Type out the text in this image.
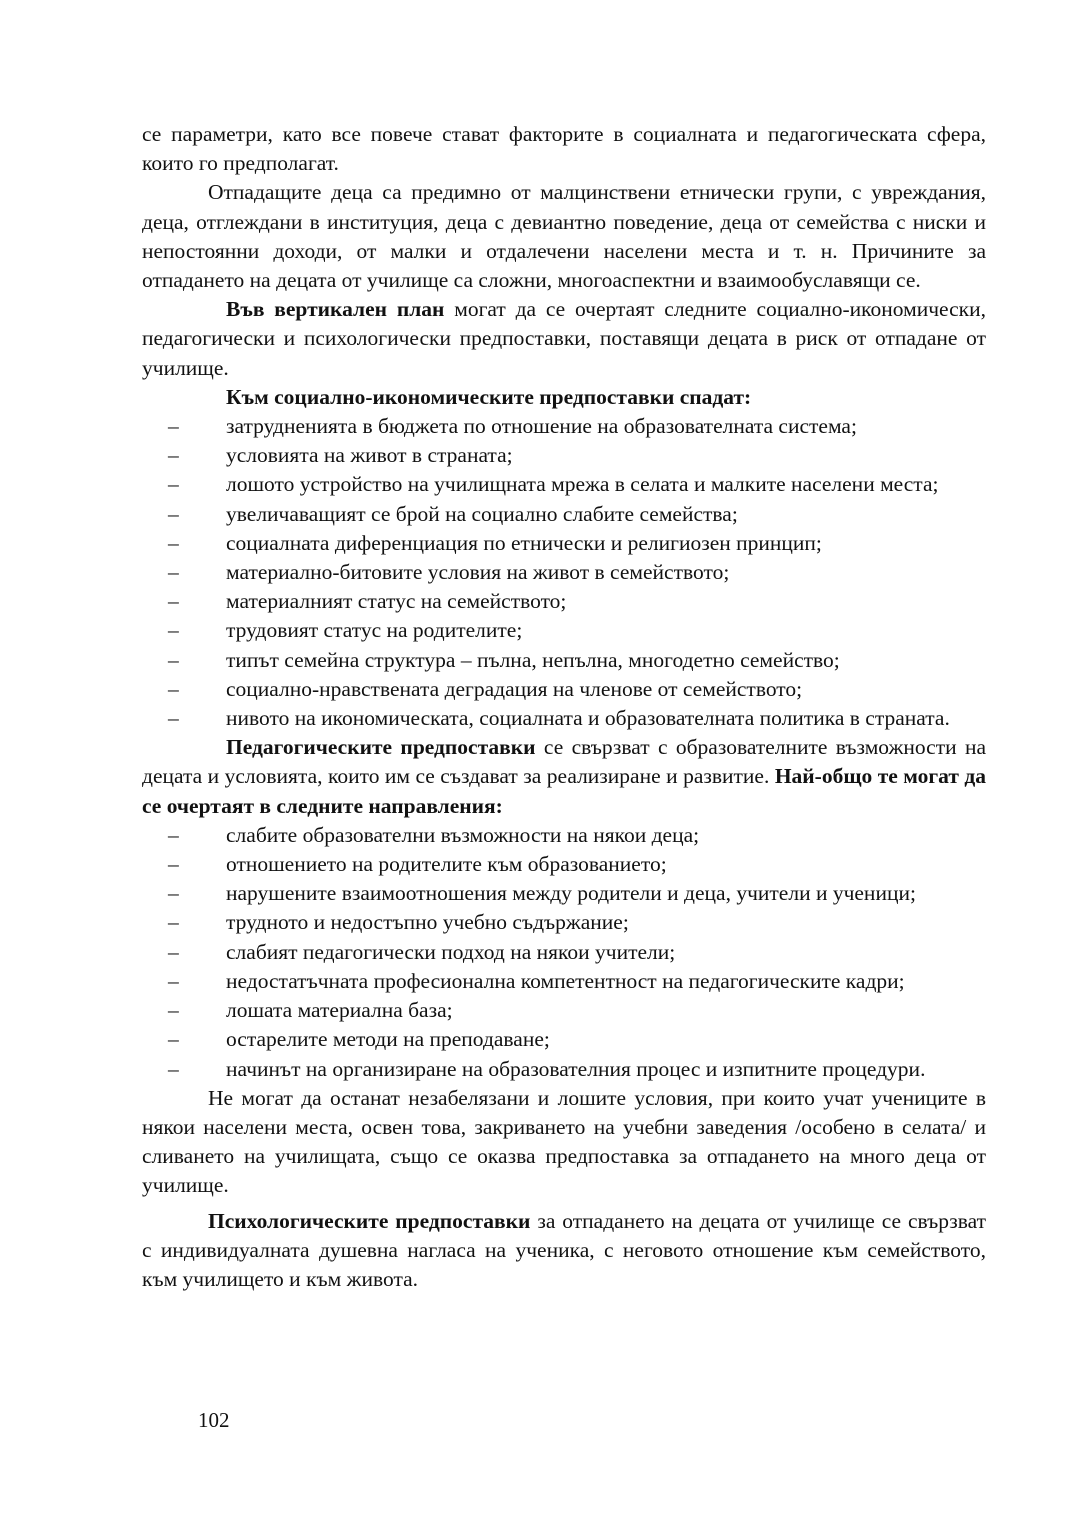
се параметри, като все повече стават факторите в социалната и педагогическата сфера, които го предполагат.

Отпадащите деца са предимно от малцинствени етнически групи, с увреждания, деца, отглеждани в институция, деца с девиантно поведение, деца от семейства с ниски и непостоянни доходи, от малки и отдалечени населени места и т. н. Причините за отпадането на децата от училище са сложни, многоаспектни и взаимообуславящи се.

Във вертикален план могат да се очертаят следните социално-икономически, педагогически и психологически предпоставки, поставящи децата в риск от отпадане от училище.

Към социално-икономическите предпоставки спадат:

– затрудненията в бюджета по отношение на образователната система;
– условията на живот в страната;
– лошото устройство на училищната мрежа в селата и малките населени места;
– увеличаващият се брой на социално слабите семейства;
– социалната диференциация по етнически и религиозен принцип;
– материално-битовите условия на живот в семейството;
– материалният статус на семейството;
– трудовият статус на родителите;
– типът семейна структура – пълна, непълна, многодетно семейство;
– социално-нравствената деградация на членове от семейството;
– нивото на икономическата, социалната и образователната политика в страната.

Педагогическите предпоставки се свързват с образователните възможности на децата и условията, които им се създават за реализиране и развитие. Най-общо те могат да се очертаят в следните направления:

– слабите образователни възможности на някои деца;
– отношението на родителите към образованието;
– нарушените взаимоотношения между родители и деца, учители и ученици;
– трудното и недостъпно учебно съдържание;
– слабият педагогически подход на някои учители;
– недостатъчната професионална компетентност на педагогическите кадри;
– лошата материална база;
– остарелите методи на преподаване;
– начинът на организиране на образователния процес и изпитните процедури.

Не могат да останат незабелязани и лошите условия, при които учат учениците в някои населени места, освен това, закриването на учебни заведения /особено в селата/ и сливането на училищата, също се оказва предпоставка за отпадането на много деца от училище.

Психологическите предпоставки за отпадането на децата от училище се свързват с индивидуалната душевна нагласа на ученика, с неговото отношение към семейството, към училището и към живота.

102
